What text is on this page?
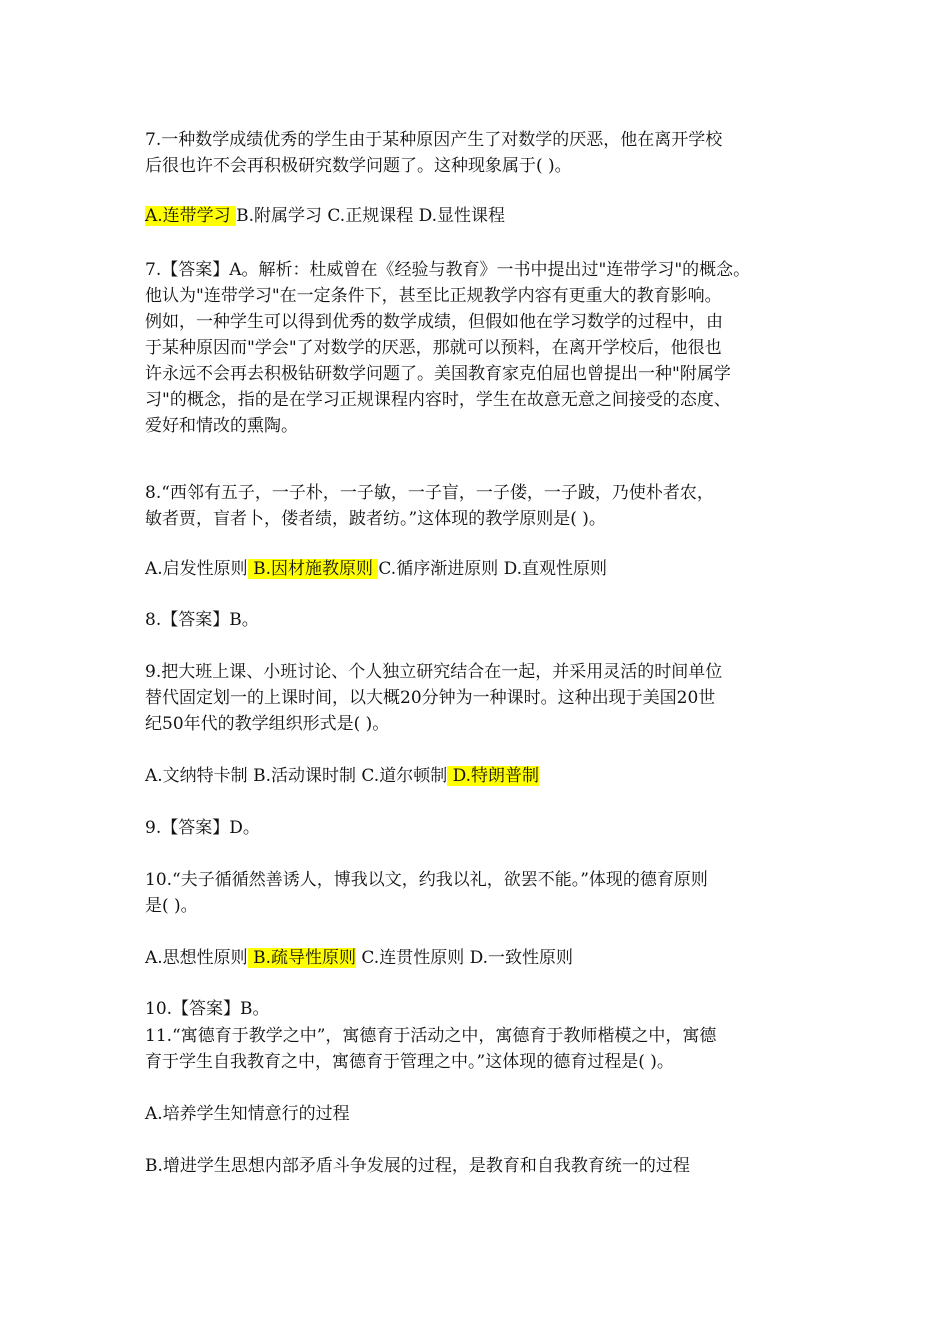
7.一种数学成绩优秀的学生由于某种原因产生了对数学的厌恶，他在离开学校
后很也许不会再积极研究数学问题了。这种现象属于( )。
A.连带学习 B.附属学习 C.正规课程 D.显性课程
7.【答案】A。解析：杜威曾在《经验与教育》一书中提出过"连带学习"的概念。
他认为"连带学习"在一定条件下，甚至比正规教学内容有更重大的教育影响。
例如，一种学生可以得到优秀的数学成绩，但假如他在学习数学的过程中，由
于某种原因而"学会"了对数学的厌恶，那就可以预料，在离开学校后，他很也
许永远不会再去积极钻研数学问题了。美国教育家克伯屈也曾提出一种"附属学
习"的概念，指的是在学习正规课程内容时，学生在故意无意之间接受的态度、
爱好和情改的熏陶。
8.“西邻有五子，一子朴，一子敏，一子盲，一子偻，一子跛，乃使朴者农，
敏者贾，盲者卜，偻者绩，跛者纺。”这体现的教学原则是( )。
A.启发性原则 B.因材施教原则 C.循序渐进原则 D.直观性原则
8.【答案】B。
9.把大班上课、小班讨论、个人独立研究结合在一起，并采用灵活的时间单位
替代固定划一的上课时间，以大概20分钟为一种课时。这种出现于美国20世
纪50年代的教学组织形式是( )。
A.文纳特卡制 B.活动课时制 C.道尔顿制 D.特朗普制
9.【答案】D。
10.“夫子循循然善诱人，博我以文，约我以礼，欲罢不能。”体现的德育原则
是( )。
A.思想性原则 B.疏导性原则 C.连贯性原则 D.一致性原则
10.【答案】B。
11.“寓德育于教学之中”，寓德育于活动之中，寓德育于教师楷模之中，寓德
育于学生自我教育之中，寓德育于管理之中。”这体现的德育过程是( )。
A.培养学生知情意行的过程
B.增进学生思想内部矛盾斗争发展的过程，是教育和自我教育统一的过程
